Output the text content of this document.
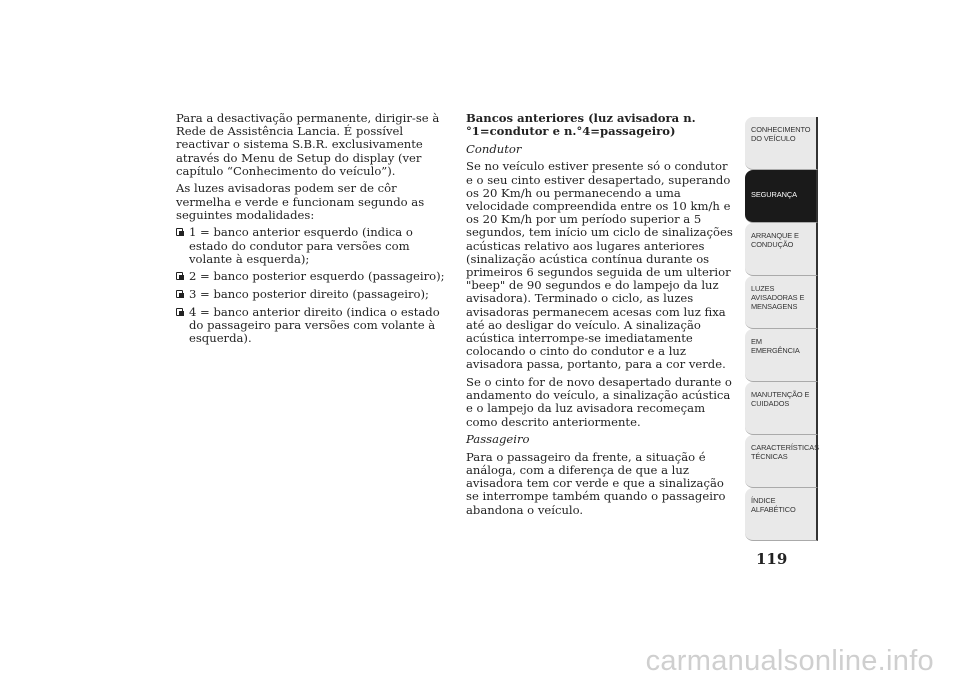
Para a desactivação permanente, dirigir-se à Rede de Assistência Lancia. É possível reactivar o sistema S.B.R. exclusivamente através do Menu de Setup do display (ver capítulo “Conhecimento do veículo”).

As luzes avisadoras podem ser de côr vermelha e verde e funcionam segundo as seguintes modalidades:

1 = banco anterior esquerdo (indica o estado do condutor para versões com volante à esquerda);
2 = banco posterior esquerdo (passageiro);
3 = banco posterior direito (passageiro);
4 = banco anterior direito (indica o estado do passageiro para versões com volante à esquerda).

Bancos anteriores (luz avisadora n.°1=condutor e n.°4=passageiro)

Condutor

Se no veículo estiver presente só o condutor e o seu cinto estiver desapertado, superando os 20 Km/h ou permanecendo a uma velocidade compreendida entre os 10 km/h e os 20 Km/h por um período superior a 5 segundos, tem início um ciclo de sinalizações acústicas relativo aos lugares anteriores (sinalização acústica contínua durante os primeiros 6 segundos seguida de um ulterior "beep" de 90 segundos e do lampejo da luz avisadora). Terminado o ciclo, as luzes avisadoras permanecem acesas com luz fixa até ao desligar do veículo. A sinalização acústica interrompe-se imediatamente colocando o cinto do condutor e a luz avisadora passa, portanto, para a cor verde.

Se o cinto for de novo desapertado durante o andamento do veículo, a sinalização acústica e o lampejo da luz avisadora recomeçam como descrito anteriormente.

Passageiro

Para o passageiro da frente, a situação é análoga, com a diferença de que a luz avisadora tem cor verde e que a sinalização se interrompe também quando o passageiro abandona o veículo.

CONHECIMENTO
DO VEÍCULO
SEGURANÇA
ARRANQUE E
CONDUÇÃO
LUZES
AVISADORAS E
MENSAGENS
EM EMERGÊNCIA
MANUTENÇÃO E
CUIDADOS
CARACTERÍSTICAS
TÉCNICAS
ÍNDICE
ALFABÉTICO
119
carmanualsonline.info
